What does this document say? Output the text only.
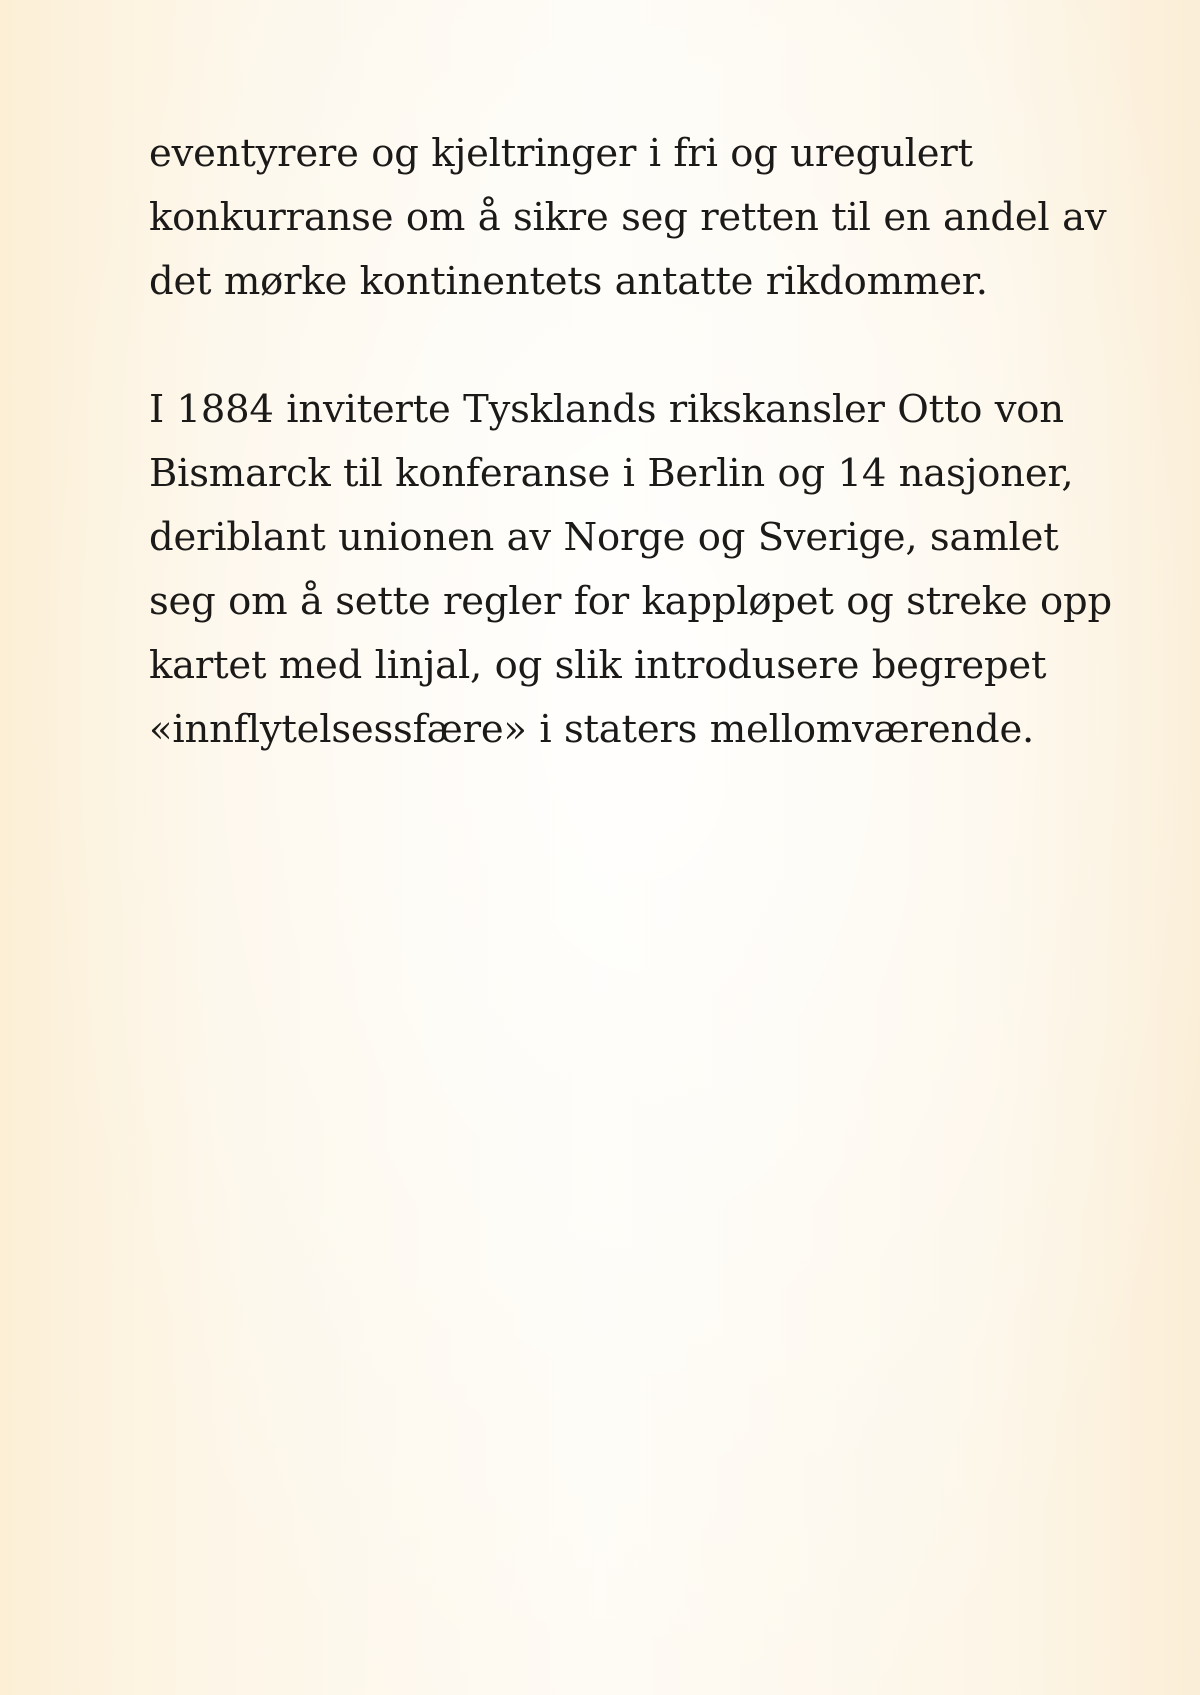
eventyrere og kjeltringer i fri og uregulert
konkurranse om å sikre seg retten til en andel av
det mørke kontinentets antatte rikdommer.

I 1884 inviterte Tysklands rikskansler Otto von
Bismarck til konferanse i Berlin og 14 nasjoner,
deriblant unionen av Norge og Sverige, samlet
seg om å sette regler for kappløpet og streke opp
kartet med linjal, og slik introdusere begrepet
«innflytelsessfære» i staters mellomværende.
